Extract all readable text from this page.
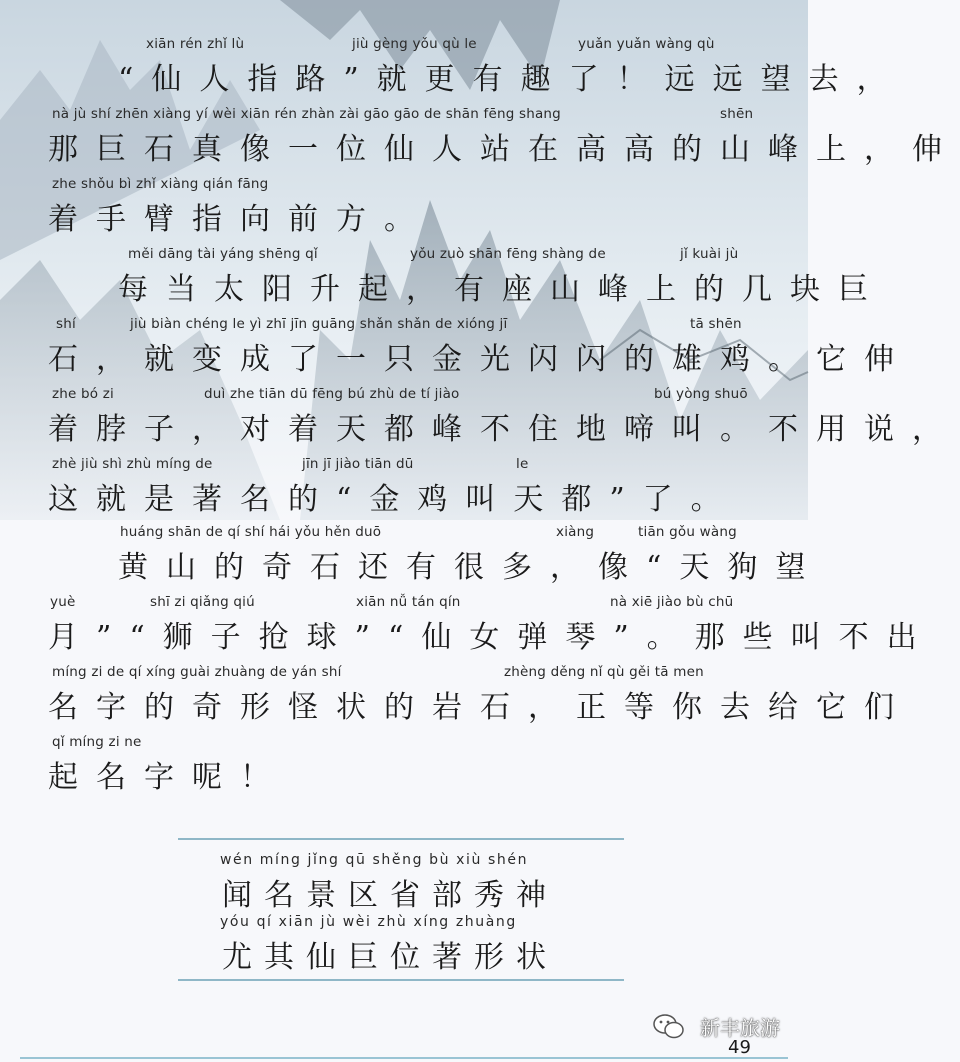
xiān rén zhǐ lù	jiù gèng yǒu qù le	yuǎn yuǎn wàng qù
“仙人指路”就更有趣了！远远望去，
nà jù shí zhēn xiàng yí wèi xiān rén zhàn zài gāo gāo de shān fēng shang	shēn
那巨石真像一位仙人站在高高的山峰上，伸
zhe shǒu bì zhǐ xiàng qián fāng
着手臂指向前方。
měi dāng tài yáng shēng qǐ	yǒu zuò shān fēng shàng de	jǐ kuài jù
每当太阳升起，有座山峰上的几块巨
shí	jiù biàn chéng le yì zhī jīn guāng shǎn shǎn de xióng jī	tā shēn
石，就变成了一只金光闪闪的雄鸡。它伸
zhe bó zi	duì zhe tiān dū fēng bú zhù de tí jiào	bú yòng shuō
着脖子，对着天都峰不住地啼叫。不用说，
zhè jiù shì zhù míng de	jīn jī jiào tiān dū	le
这就是著名的“金鸡叫天都”了。
huáng shān de qí shí hái yǒu hěn duō	xiàng	tiān gǒu wàng
黄山的奇石还有很多，像“天狗望
yuè	shī zi qiǎng qiú	xiān nǚ tán qín	nà xiē jiào bù chū
月”“狮子抢球”“仙女弹琴”。那些叫不出
míng zi de qí xíng guài zhuàng de yán shí	zhèng děng nǐ qù gěi tā men
名字的奇形怪状的岩石，正等你去给它们
qǐ míng zi ne
起名字呢！
wén míng jǐng qū shěng bù xiù shén
闻名景区省部秀神
yóu qí xiān jù wèi zhù xíng zhuàng
尤其仙巨位著形状
新丰旅游
49
